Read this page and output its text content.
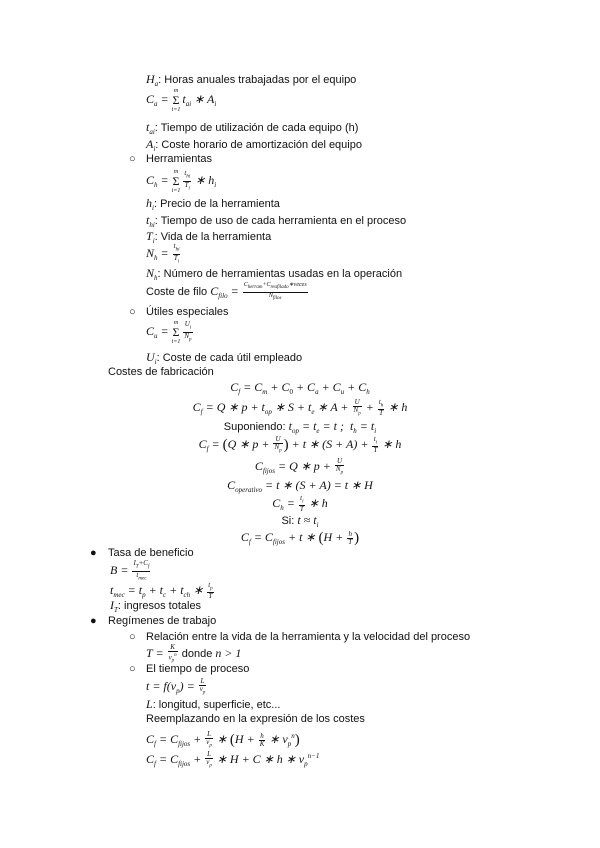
$H_a$: Horas anuales trabajadas por el equipo
$C_a$ =
m
Σ
i=1
$t_{ai}$ ∗ $A_i$
$t_{ai}$: Tiempo de utilización de cada equipo (h)
$A_i$: Coste horario de amortización del equipo
○ Herramientas
$C_h$ =
m
Σ
$i=1 \frac{t_{hi}}{T_i}$ ∗ $h_i$
$h_i$: Precio de la herramienta
$t_{hi}$: Tiempo de uso de cada herramienta en el proceso
$T_i$: Vida de la herramienta
$N_h = \frac{t_{hi}}{T_i}$
$N_h$: Número de herramientas usadas en la operación
Coste de filo $C_{filo} = \frac{C_{herram}+C_{reafilado}∗veces}{N_{filos}}$
○ Útiles especiales
$C_u$ =
m
Σ
$i=1 \frac{U_i}{N_p}$
$U_i$: Coste de cada útil empleado
Costes de fabricación
$C_f = C_m + C_0 + C_a + C_u + C_h$
$C_f = Q$ ∗ $p + t_{op}$ ∗ $S + t_e$ ∗ $A + \frac{U}{N_p} + \frac{t_h}{T}$ ∗ h
Suponiendo: $t_{op} = t_e = t$ ;  $t_h = t_i$
$C_f = (Q$ ∗ $p + \frac{U}{N_p}$ ) + t ∗ $(S + A) + \frac{t_i}{T}$ ∗ h
$C_{fijos} = Q$ ∗ $p + \frac{U}{N_p}$
$C_{operativo} = t$ ∗ (S + A) = t ∗ H
$C_h = \frac{t_i}{T}$ ∗ h
Si: $t \approx t_i$
$C_f = C_{fijos} + t$ ∗ ($H + \frac{h}{T}$ )
● Tasa de beneficio
$B = \frac{I_T+C_f}{t_{mec}}$
$t_{mec} = t_p + t_c + t_{ch}$ ∗ $\frac{t_p}{T}$
$I_T$: ingresos totales
● Regímenes de trabajo
○ Relación entre la vida de la herramienta y la velocidad del proceso
$T = \frac{K}{v_p^n}$ donde n > 1
○ El tiempo de proceso
$t = f(v_p) = \frac{L}{v_p}$
L: longitud, superficie, etc...
Reemplazando en la expresión de los costes
$C_f = C_{fijos} + \frac{L}{v_p}$ ∗ ($H + \frac{h}{K}$ ∗ $v_p^n$)
$C_f = C_{fijos} + \frac{L}{v_p}$ ∗ H + C ∗ h ∗ $v_p^{n-1}$
